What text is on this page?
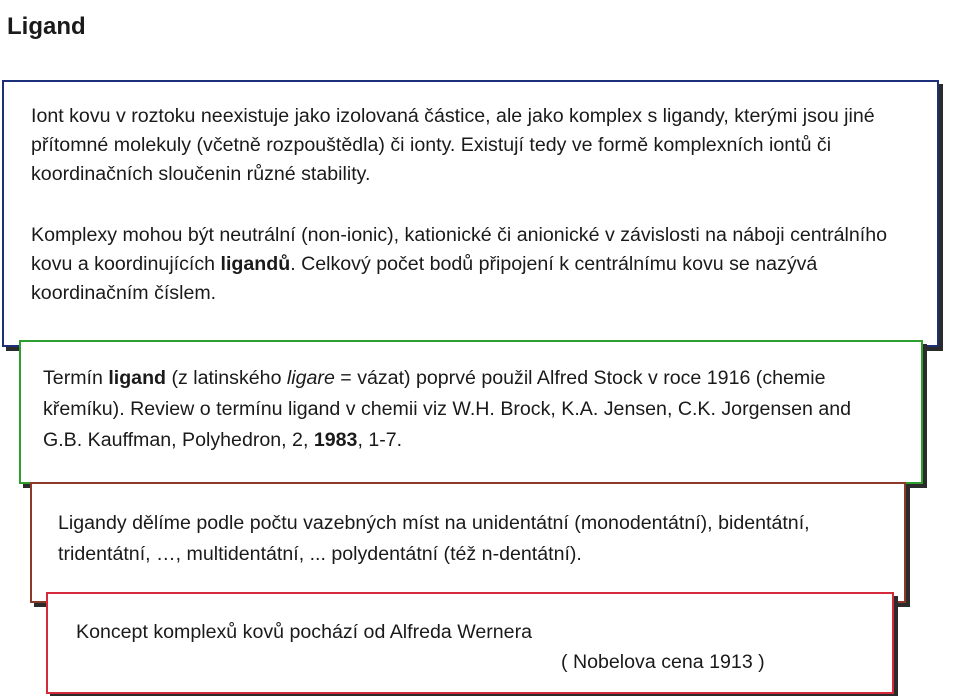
Ligand

Iont kovu v roztoku neexistuje jako izolovaná částice, ale jako komplex s ligandy, kterými jsou jiné přítomné molekuly (včetně rozpouštědla) či ionty. Existují tedy ve formě komplexních iontů či koordinačních sloučenin různé stability.

Komplexy mohou být neutrální (non-ionic), kationické či anionické v závislosti na náboji centrálního kovu a koordinujících ligandů. Celkový počet bodů připojení k centrálnímu kovu se nazývá koordinačním číslem.

Termín ligand (z latinského ligare = vázat) poprvé použil Alfred Stock v roce 1916 (chemie křemíku). Review o termínu ligand v chemii viz W.H. Brock, K.A. Jensen, C.K. Jorgensen and G.B. Kauffman, Polyhedron, 2, 1983, 1-7.

Ligandy dělíme podle počtu vazebných míst na unidentátní (monodentátní), bidentátní, tridentátní, …, multidentátní, ... polydentátní (též n-dentátní).

Koncept komplexů kovů pochází od Alfreda Wernera

( Nobelova cena 1913 )
